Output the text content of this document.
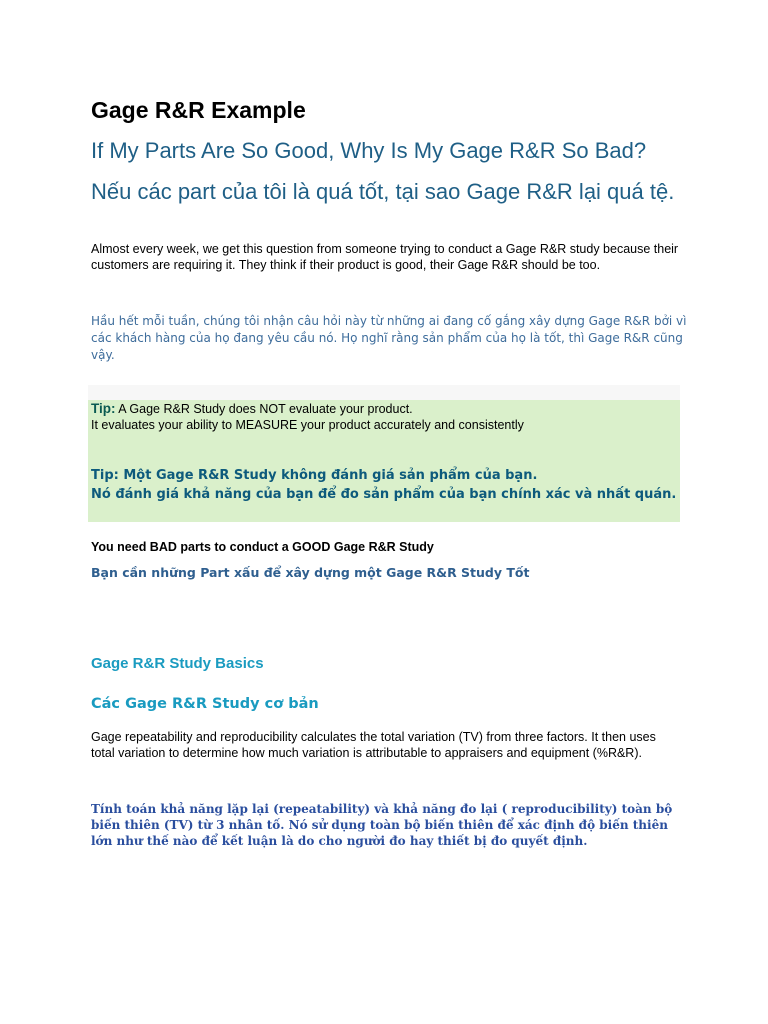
Gage R&R Example
If My Parts Are So Good, Why Is My Gage R&R So Bad?
Nếu các part của tôi là quá tốt, tại sao Gage R&R lại quá tệ.

Almost every week, we get this question from someone trying to conduct a Gage R&R study because their customers are requiring it. They think if their product is good, their Gage R&R should be too.

Hầu hết mỗi tuần, chúng tôi nhận câu hỏi này từ những ai đang cố gắng xây dựng Gage R&R bởi vì các khách hàng của họ đang yêu cầu nó. Họ nghĩ rằng sản phẩm của họ là tốt, thì Gage R&R cũng vậy.

You need BAD parts to conduct a GOOD Gage R&R Study
Bạn cần những Part xấu để xây dựng một Gage R&R Study Tốt
Gage R&R Study Basics
Các Gage R&R Study cơ bản

Gage repeatability and reproducibility calculates the total variation (TV) from three factors. It then uses total variation to determine how much variation is attributable to appraisers and equipment (%R&R).

Tính toán khả năng lặp lại (repeatability) và khả năng đo lại ( reproducibility) toàn bộ biến thiên (TV) từ 3 nhân tố. Nó sử dụng toàn bộ biến thiên để xác định độ biến thiên lớn như thế nào để kết luận là do cho người đo hay thiết bị đo quyết định.

Tip: A Gage R&R Study does NOT evaluate your product.
It evaluates your ability to MEASURE your product accurately and consistently
Tip: Một Gage R&R Study không đánh giá sản phẩm của bạn.
Nó đánh giá khả năng của bạn để đo sản phẩm của bạn chính xác và nhất quán.
